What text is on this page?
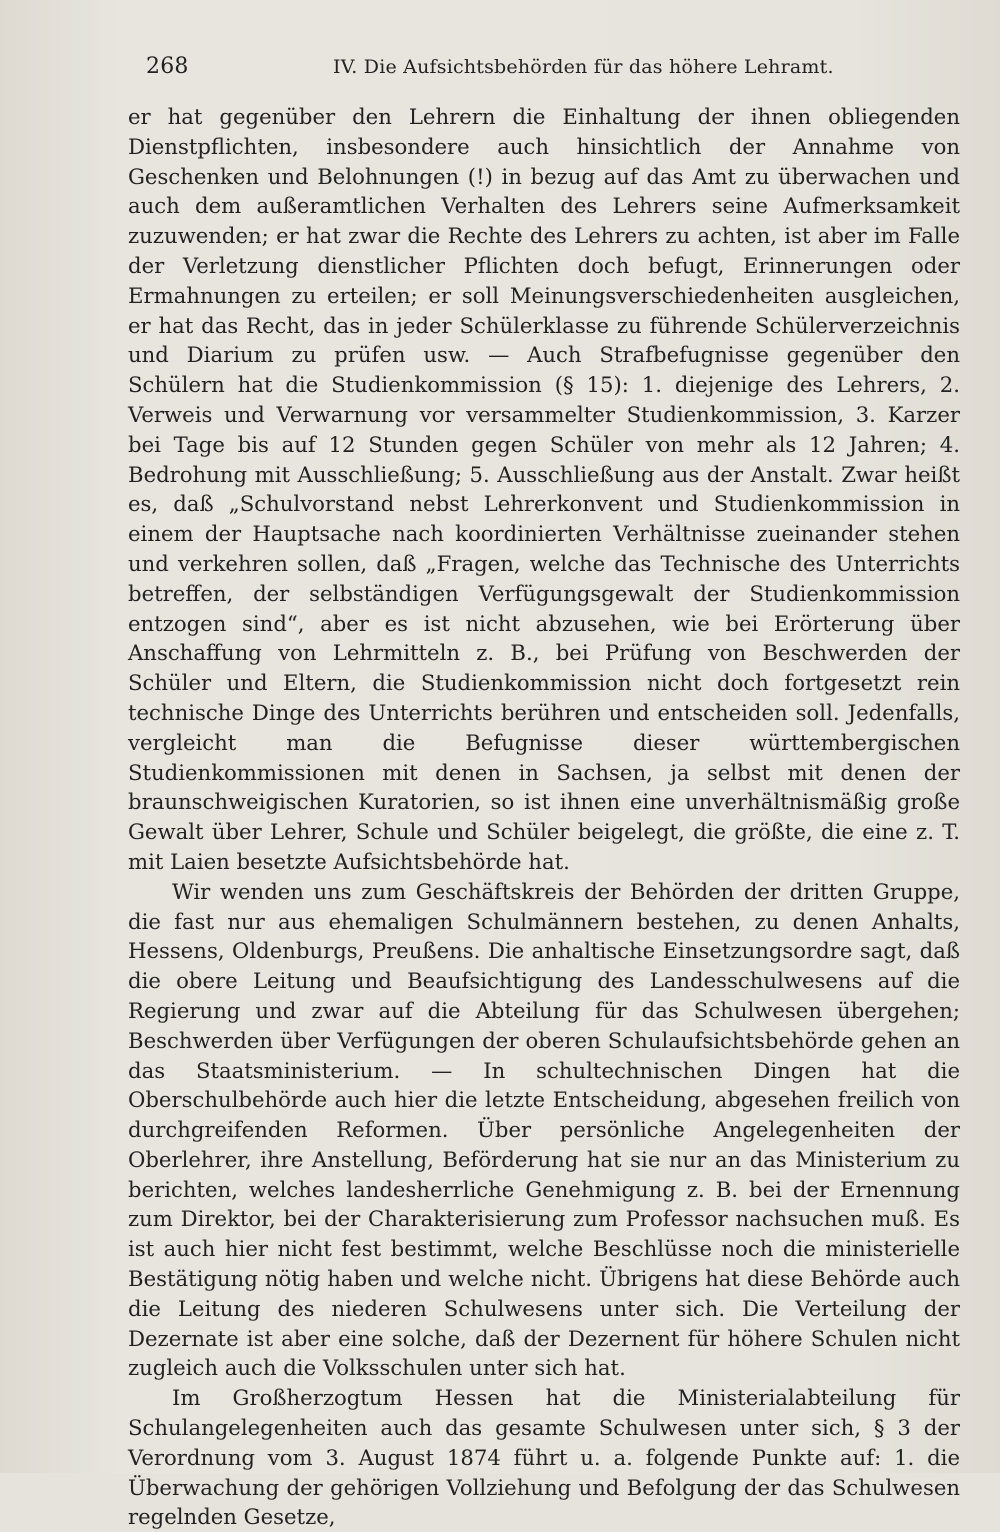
268	IV. Die Aufsichtsbehörden für das höhere Lehramt.

er hat gegenüber den Lehrern die Einhaltung der ihnen obliegenden Dienstpflichten, insbesondere auch hinsichtlich der Annahme von Geschenken und Belohnungen (!) in bezug auf das Amt zu überwachen und auch dem außeramtlichen Verhalten des Lehrers seine Aufmerksamkeit zuzuwenden; er hat zwar die Rechte des Lehrers zu achten, ist aber im Falle der Verletzung dienstlicher Pflichten doch befugt, Erinnerungen oder Ermahnungen zu erteilen; er soll Meinungsverschiedenheiten ausgleichen, er hat das Recht, das in jeder Schülerklasse zu führende Schülerverzeichnis und Diarium zu prüfen usw. — Auch Strafbefugnisse gegenüber den Schülern hat die Studienkommission (§ 15): 1. diejenige des Lehrers, 2. Verweis und Verwarnung vor versammelter Studienkommission, 3. Karzer bei Tage bis auf 12 Stunden gegen Schüler von mehr als 12 Jahren; 4. Bedrohung mit Ausschließung; 5. Ausschließung aus der Anstalt. Zwar heißt es, daß „Schulvorstand nebst Lehrerkonvent und Studienkommission in einem der Hauptsache nach koordinierten Verhältnisse zueinander stehen und verkehren sollen, daß „Fragen, welche das Technische des Unterrichts betreffen, der selbständigen Verfügungsgewalt der Studienkommission entzogen sind“, aber es ist nicht abzusehen, wie bei Erörterung über Anschaffung von Lehrmitteln z. B., bei Prüfung von Beschwerden der Schüler und Eltern, die Studienkommission nicht doch fortgesetzt rein technische Dinge des Unterrichts berühren und entscheiden soll. Jedenfalls, vergleicht man die Befugnisse dieser württembergischen Studienkommissionen mit denen in Sachsen, ja selbst mit denen der braunschweigischen Kuratorien, so ist ihnen eine unverhältnismäßig große Gewalt über Lehrer, Schule und Schüler beigelegt, die größte, die eine z. T. mit Laien besetzte Aufsichtsbehörde hat.

Wir wenden uns zum Geschäftskreis der Behörden der dritten Gruppe, die fast nur aus ehemaligen Schulmännern bestehen, zu denen Anhalts, Hessens, Oldenburgs, Preußens. Die anhaltische Einsetzungsordre sagt, daß die obere Leitung und Beaufsichtigung des Landesschulwesens auf die Regierung und zwar auf die Abteilung für das Schulwesen übergehen; Beschwerden über Verfügungen der oberen Schulaufsichtsbehörde gehen an das Staatsministerium. — In schultechnischen Dingen hat die Oberschulbehörde auch hier die letzte Entscheidung, abgesehen freilich von durchgreifenden Reformen. Über persönliche Angelegenheiten der Oberlehrer, ihre Anstellung, Beförderung hat sie nur an das Ministerium zu berichten, welches landesherrliche Genehmigung z. B. bei der Ernennung zum Direktor, bei der Charakterisierung zum Professor nachsuchen muß. Es ist auch hier nicht fest bestimmt, welche Beschlüsse noch die ministerielle Bestätigung nötig haben und welche nicht. Übrigens hat diese Behörde auch die Leitung des niederen Schulwesens unter sich. Die Verteilung der Dezernate ist aber eine solche, daß der Dezernent für höhere Schulen nicht zugleich auch die Volksschulen unter sich hat.

Im Großherzogtum Hessen hat die Ministerialabteilung für Schulangelegenheiten auch das gesamte Schulwesen unter sich, § 3 der Verordnung vom 3. August 1874 führt u. a. folgende Punkte auf: 1. die Überwachung der gehörigen Vollziehung und Befolgung der das Schulwesen regelnden Gesetze,
